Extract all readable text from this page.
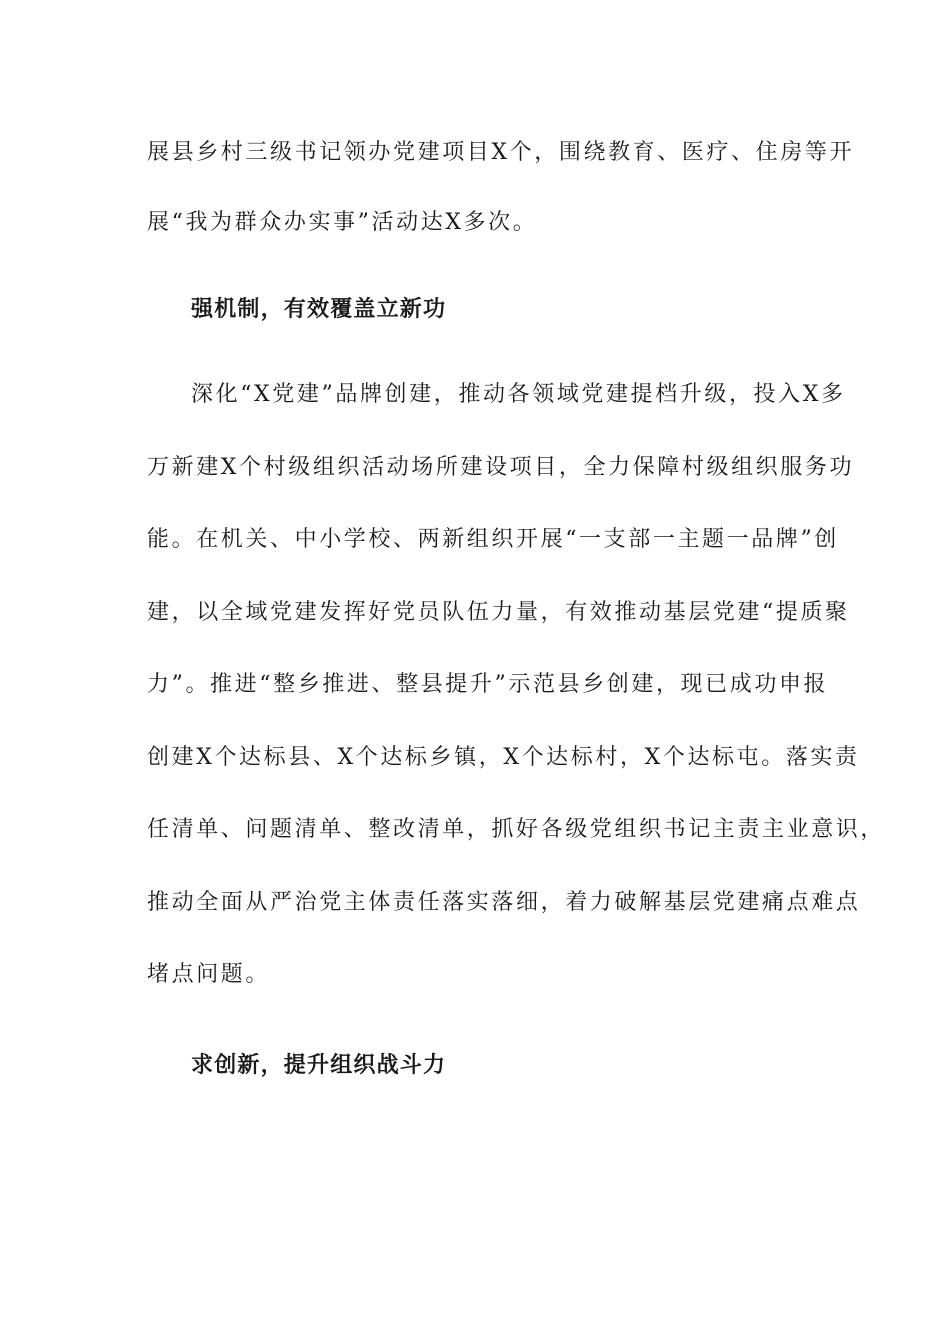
展县乡村三级书记领办党建项目X个，围绕教育、医疗、住房等开
展“我为群众办实事”活动达X多次。
强机制，有效覆盖立新功
深化“X党建”品牌创建，推动各领域党建提档升级，投入X多
万新建X个村级组织活动场所建设项目，全力保障村级组织服务功
能。在机关、中小学校、两新组织开展“一支部一主题一品牌”创
建，以全域党建发挥好党员队伍力量，有效推动基层党建“提质聚
力”。推进“整乡推进、整县提升”示范县乡创建，现已成功申报
创建X个达标县、X个达标乡镇，X个达标村，X个达标屯。落实责
任清单、问题清单、整改清单，抓好各级党组织书记主责主业意识，
推动全面从严治党主体责任落实落细，着力破解基层党建痛点难点
堵点问题。
求创新，提升组织战斗力
